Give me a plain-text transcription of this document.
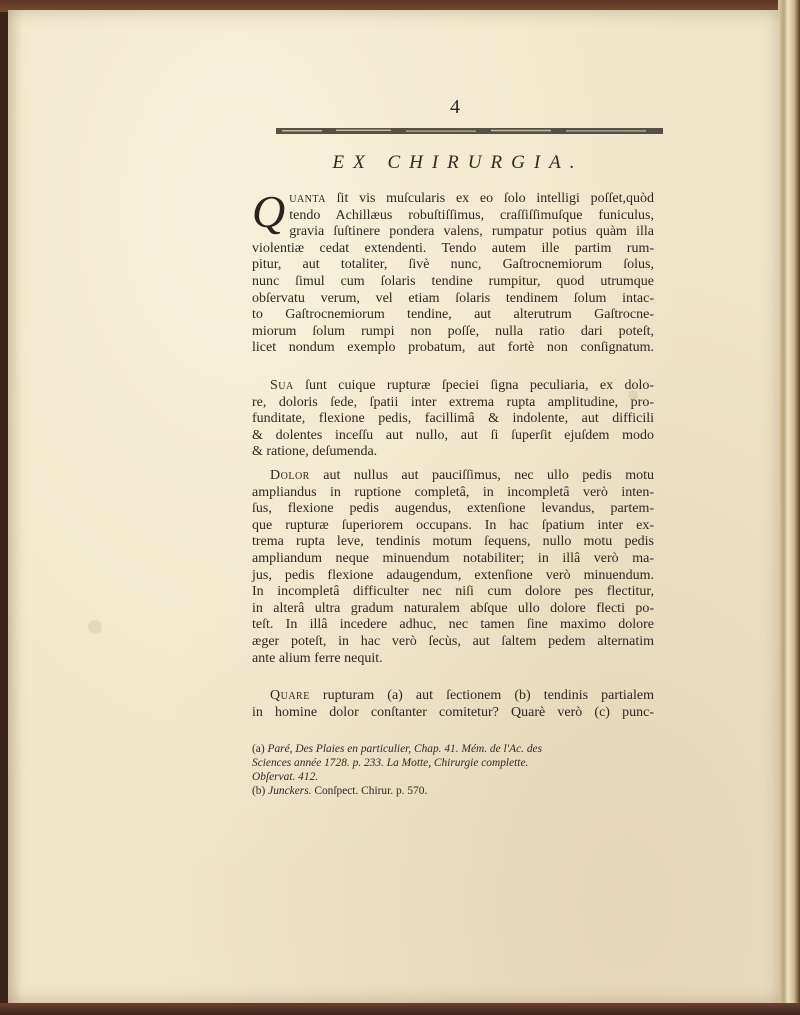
4
EX CHIRURGIA.
Q uanta ſit vis muſcularis ex eo ſolo intelligi poſſet,quòd
tendo Achillæus robuſtiſſimus, craſſiſſimuſque funiculus,
gravia ſuſtinere pondera valens, rumpatur potius quàm illa
violentiæ cedat extendenti. Tendo autem ille partim rum-
pitur, aut totaliter, ſivè nunc, Gaſtrocnemiorum ſolus,
nunc ſimul cum ſolaris tendine rumpitur, quod utrumque
obſervatu verum, vel etiam ſolaris tendinem ſolum intac-
to Gaſtrocnemiorum tendine, aut alterutrum Gaſtrocne-
miorum ſolum rumpi non poſſe, nulla ratio dari poteſt,
licet nondum exemplo probatum, aut fortè non conſignatum.
Sua ſunt cuique rupturæ ſpeciei ſigna peculiaria, ex dolo-
re, doloris ſede, ſpatii inter extrema rupta amplitudine, pro-
funditate, flexione pedis, facillimâ & indolente, aut difficili
& dolentes inceſſu aut nullo, aut ſi ſuperſit ejuſdem modo
& ratione, deſumenda.
Dolor aut nullus aut pauciſſimus, nec ullo pedis motu
ampliandus in ruptione completâ, in incompletâ verò inten-
ſus, flexione pedis augendus, extenſione levandus, partem-
que rupturæ ſuperiorem occupans. In hac ſpatium inter ex-
trema rupta leve, tendinis motum ſequens, nullo motu pedis
ampliandum neque minuendum notabiliter; in illâ verò ma-
jus, pedis flexione adaugendum, extenſione verò minuendum.
In incompletâ difficulter nec niſi cum dolore pes flectitur,
in alterâ ultra gradum naturalem abſque ullo dolore flecti po-
teſt. In illâ incedere adhuc, nec tamen ſine maximo dolore
æger poteſt, in hac verò ſecùs, aut ſaltem pedem alternatim
ante alium ferre nequit.
Quare rupturam (a) aut ſectionem (b) tendinis partialem
in homine dolor conſtanter comitetur? Quarè verò (c) punc-

(a) Paré, Des Plaies en particulier, Chap. 41. Mém. de l'Ac. des

Sciences année 1728. p. 233. La Motte, Chirurgie complette.

Obſervat. 412.

(b) Junckers. Conſpect. Chirur. p. 570.
